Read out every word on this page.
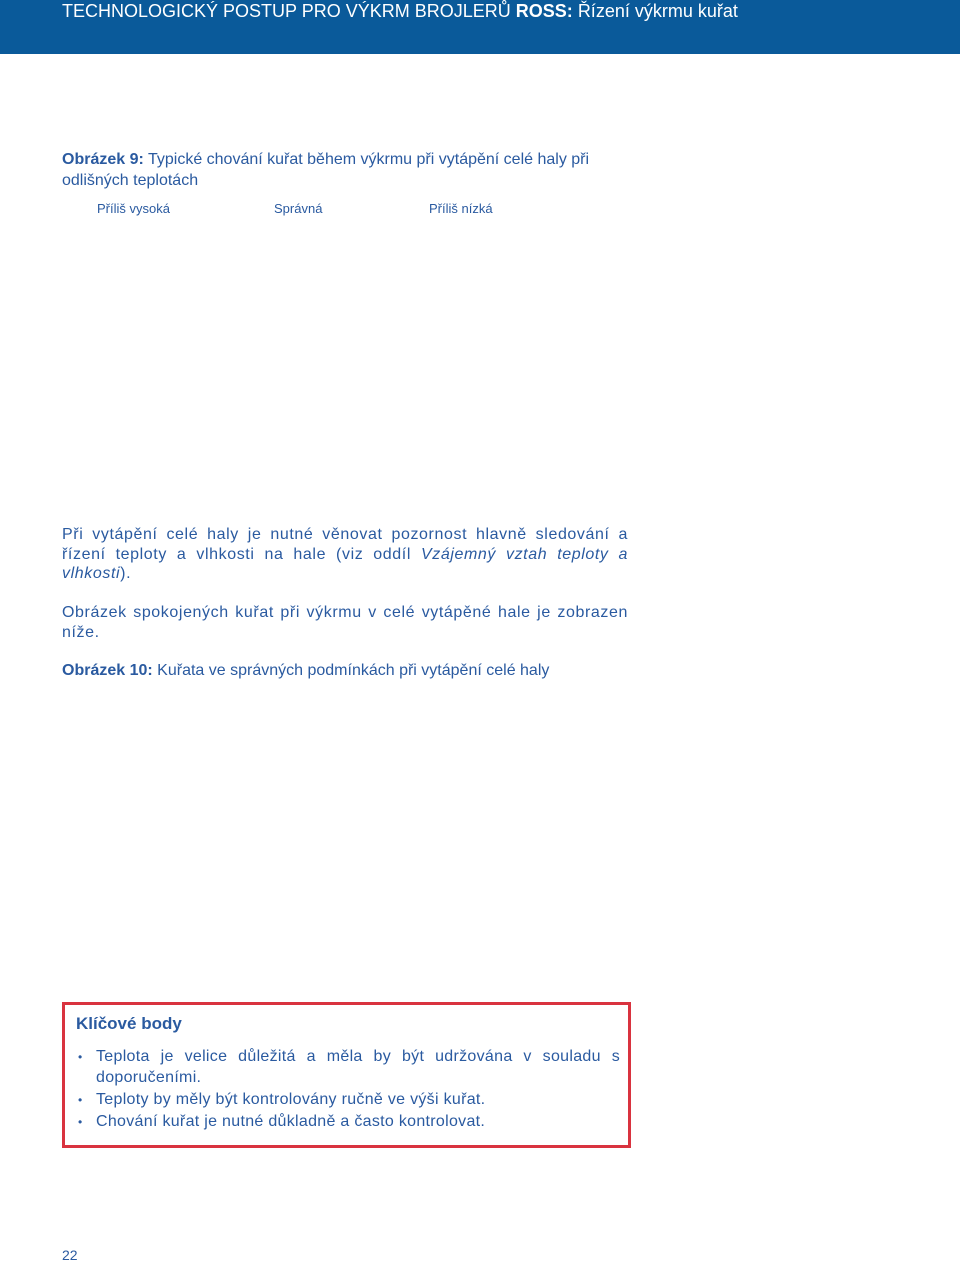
TECHNOLOGICKÝ POSTUP PRO VÝKRM BROJLERŮ ROSS: Řízení výkrmu kuřat
Obrázek 9: Typické chování kuřat během výkrmu při vytápění celé haly při odlišných teplotách
Příliš vysoká	Správná	Příliš nízká
Při vytápění celé haly je nutné věnovat pozornost hlavně sledování a řízení teploty a vlhkosti na hale (viz oddíl Vzájemný vztah teploty a vlhkosti).
Obrázek spokojených kuřat při výkrmu v celé vytápěné hale je zobrazen níže.
Obrázek 10: Kuřata ve správných podmínkách při vytápění celé haly
Klíčové body
• Teplota je velice důležitá a měla by být udržována v souladu s doporučeními.
• Teploty by měly být kontrolovány ručně ve výši kuřat.
• Chování kuřat je nutné důkladně a často kontrolovat.
22
